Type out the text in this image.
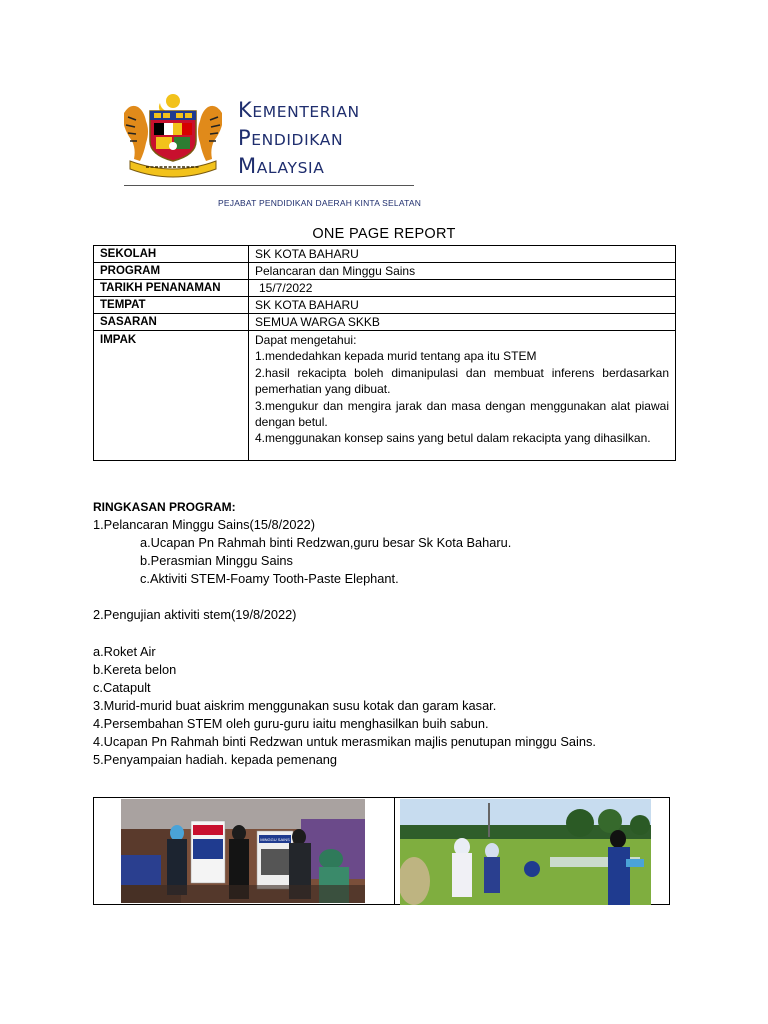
KEMENTERIAN
PENDIDIKAN
MALAYSIA
PEJABAT PENDIDIKAN DAERAH KINTA SELATAN
ONE PAGE REPORT
SEKOLAH	SK KOTA BAHARU
PROGRAM	Pelancaran dan Minggu Sains
TARIKH PENANAMAN	15/7/2022
TEMPAT	SK KOTA BAHARU
SASARAN	SEMUA WARGA SKKB
IMPAK	Dapat mengetahui:

1.mendedahkan kepada murid tentang apa itu STEM

2.hasil rekacipta boleh dimanipulasi dan membuat inferens berdasarkan pemerhatian yang dibuat.

3.mengukur dan mengira jarak dan masa dengan menggunakan alat piawai dengan betul.

4.menggunakan konsep sains yang betul dalam rekacipta yang dihasilkan.

RINGKASAN PROGRAM:
1.Pelancaran Minggu Sains(15/8/2022)
a.Ucapan Pn Rahmah binti Redzwan,guru besar Sk Kota Baharu.
b.Perasmian Minggu Sains
c.Aktiviti STEM-Foamy Tooth-Paste Elephant.
2.Pengujian aktiviti stem(19/8/2022)
a.Roket Air
b.Kereta belon
c.Catapult
3.Murid-murid buat aiskrim menggunakan susu kotak dan garam kasar.
4.Persembahan STEM oleh guru-guru iaitu menghasilkan buih sabun.
4.Ucapan Pn Rahmah binti Redzwan untuk merasmikan majlis penutupan minggu Sains.
5.Penyampaian hadiah. kepada pemenang
MINGGU SAINS
